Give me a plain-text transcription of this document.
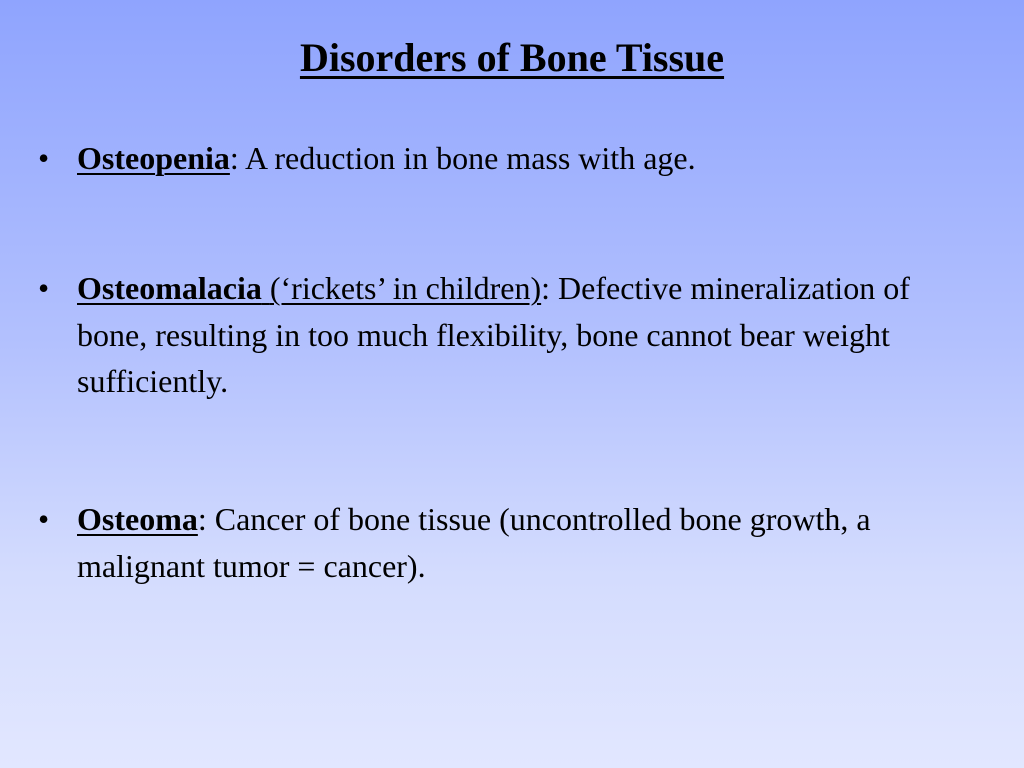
Disorders of Bone Tissue
• Osteopenia: A reduction in bone mass with age.
• Osteomalacia (‘rickets’ in children): Defective mineralization of bone, resulting in too much flexibility, bone cannot bear weight sufficiently.
• Osteoma: Cancer of bone tissue (uncontrolled bone growth, a malignant tumor = cancer).
